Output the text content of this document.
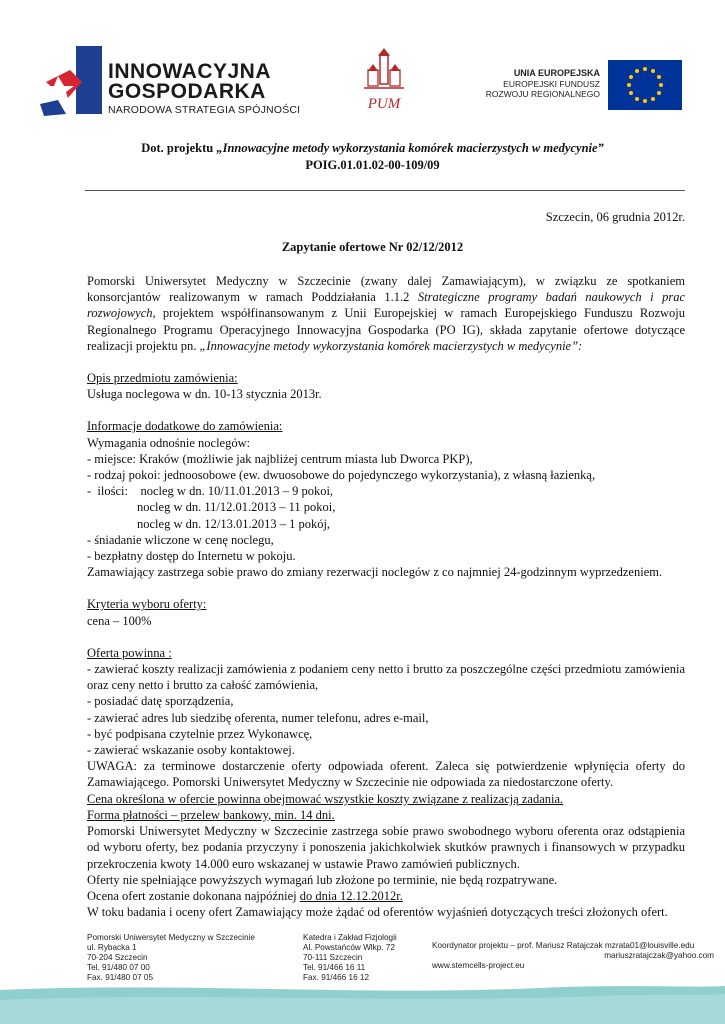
INNOWACYJNA
GOSPODARKA
NARODOWA STRATEGIA SPÓJNOŚCI	PUM
UNIA EUROPEJSKA
EUROPEJSKI FUNDUSZ
ROZWOJU REGIONALNEGO
Dot. projektu „Innowacyjne metody wykorzystania komórek macierzystych w medycynie”
POIG.01.01.02-00-109/09
Szczecin, 06 grudnia 2012r.
Zapytanie ofertowe Nr 02/12/2012

Pomorski Uniwersytet Medyczny w Szczecinie (zwany dalej Zamawiającym), w związku ze spotkaniem konsorcjantów realizowanym w ramach Poddziałania 1.1.2 Strategiczne programy badań naukowych i prac rozwojowych, projektem współfinansowanym z Unii Europejskiej w ramach Europejskiego Funduszu Rozwoju Regionalnego Programu Operacyjnego Innowacyjna Gospodarka (PO IG), składa zapytanie ofertowe dotyczące realizacji projektu pn. „Innowacyjne metody wykorzystania komórek macierzystych w medycynie”:

Opis przedmiotu zamówienia:

Usługa noclegowa w dn. 10-13 stycznia 2013r.

Informacje dodatkowe do zamówienia:

Wymagania odnośnie noclegów:

- miejsce: Kraków (możliwie jak najbliżej centrum miasta lub Dworca PKP),

- rodzaj pokoi: jednoosobowe (ew. dwuosobowe do pojedynczego wykorzystania), z własną łazienką,

-  ilości:    nocleg w dn. 10/11.01.2013 – 9 pokoi,

nocleg w dn. 11/12.01.2013 – 11 pokoi,

nocleg w dn. 12/13.01.2013 – 1 pokój,

- śniadanie wliczone w cenę noclegu,

- bezpłatny dostęp do Internetu w pokoju.

Zamawiający zastrzega sobie prawo do zmiany rezerwacji noclegów z co najmniej 24-godzinnym wyprzedzeniem.

Kryteria wyboru oferty:

cena – 100%

Oferta powinna :

- zawierać koszty realizacji zamówienia z podaniem ceny netto i brutto za poszczególne części przedmiotu zamówienia oraz ceny netto i brutto za całość zamówienia,

- posiadać datę sporządzenia,

- zawierać adres lub siedzibę oferenta, numer telefonu, adres e-mail,

- być podpisana czytelnie przez Wykonawcę,

- zawierać wskazanie osoby kontaktowej.

UWAGA: za terminowe dostarczenie oferty odpowiada oferent. Zaleca się potwierdzenie wpłynięcia oferty do Zamawiającego. Pomorski Uniwersytet Medyczny w Szczecinie nie odpowiada za niedostarczone oferty.

Cena określona w ofercie powinna obejmować wszystkie koszty związane z realizacją zadania.

Forma płatności – przelew bankowy, min. 14 dni.

Pomorski Uniwersytet Medyczny w Szczecinie zastrzega sobie prawo swobodnego wyboru oferenta oraz odstąpienia od wyboru oferty, bez podania przyczyny i ponoszenia jakichkolwiek skutków prawnych i finansowych w przypadku przekroczenia kwoty 14.000 euro wskazanej w ustawie Prawo zamówień publicznych.

Oferty nie spełniające powyższych wymagań lub złożone po terminie, nie będą rozpatrywane.

Ocena ofert zostanie dokonana najpóźniej do dnia 12.12.2012r.

W toku badania i oceny ofert Zamawiający może żądać od oferentów wyjaśnień dotyczących treści złożonych ofert.

Pomorski Uniwersytet Medyczny w Szczecinie
ul. Rybacka 1
70-204 Szczecin
Tel. 91/480 07 00
Fax. 91/480 07 05
Katedra i Zakład Fizjologii
Al. Powstańców Wlkp. 72
70-111 Szczecin
Tel. 91/466 16 11
Fax. 91/466 16 12
Koordynator projektu – prof. Mariusz Ratajczak mzrata01@louisville.edu
mariuszratajczak@yahoo.com
www.stemcells-project.eu
